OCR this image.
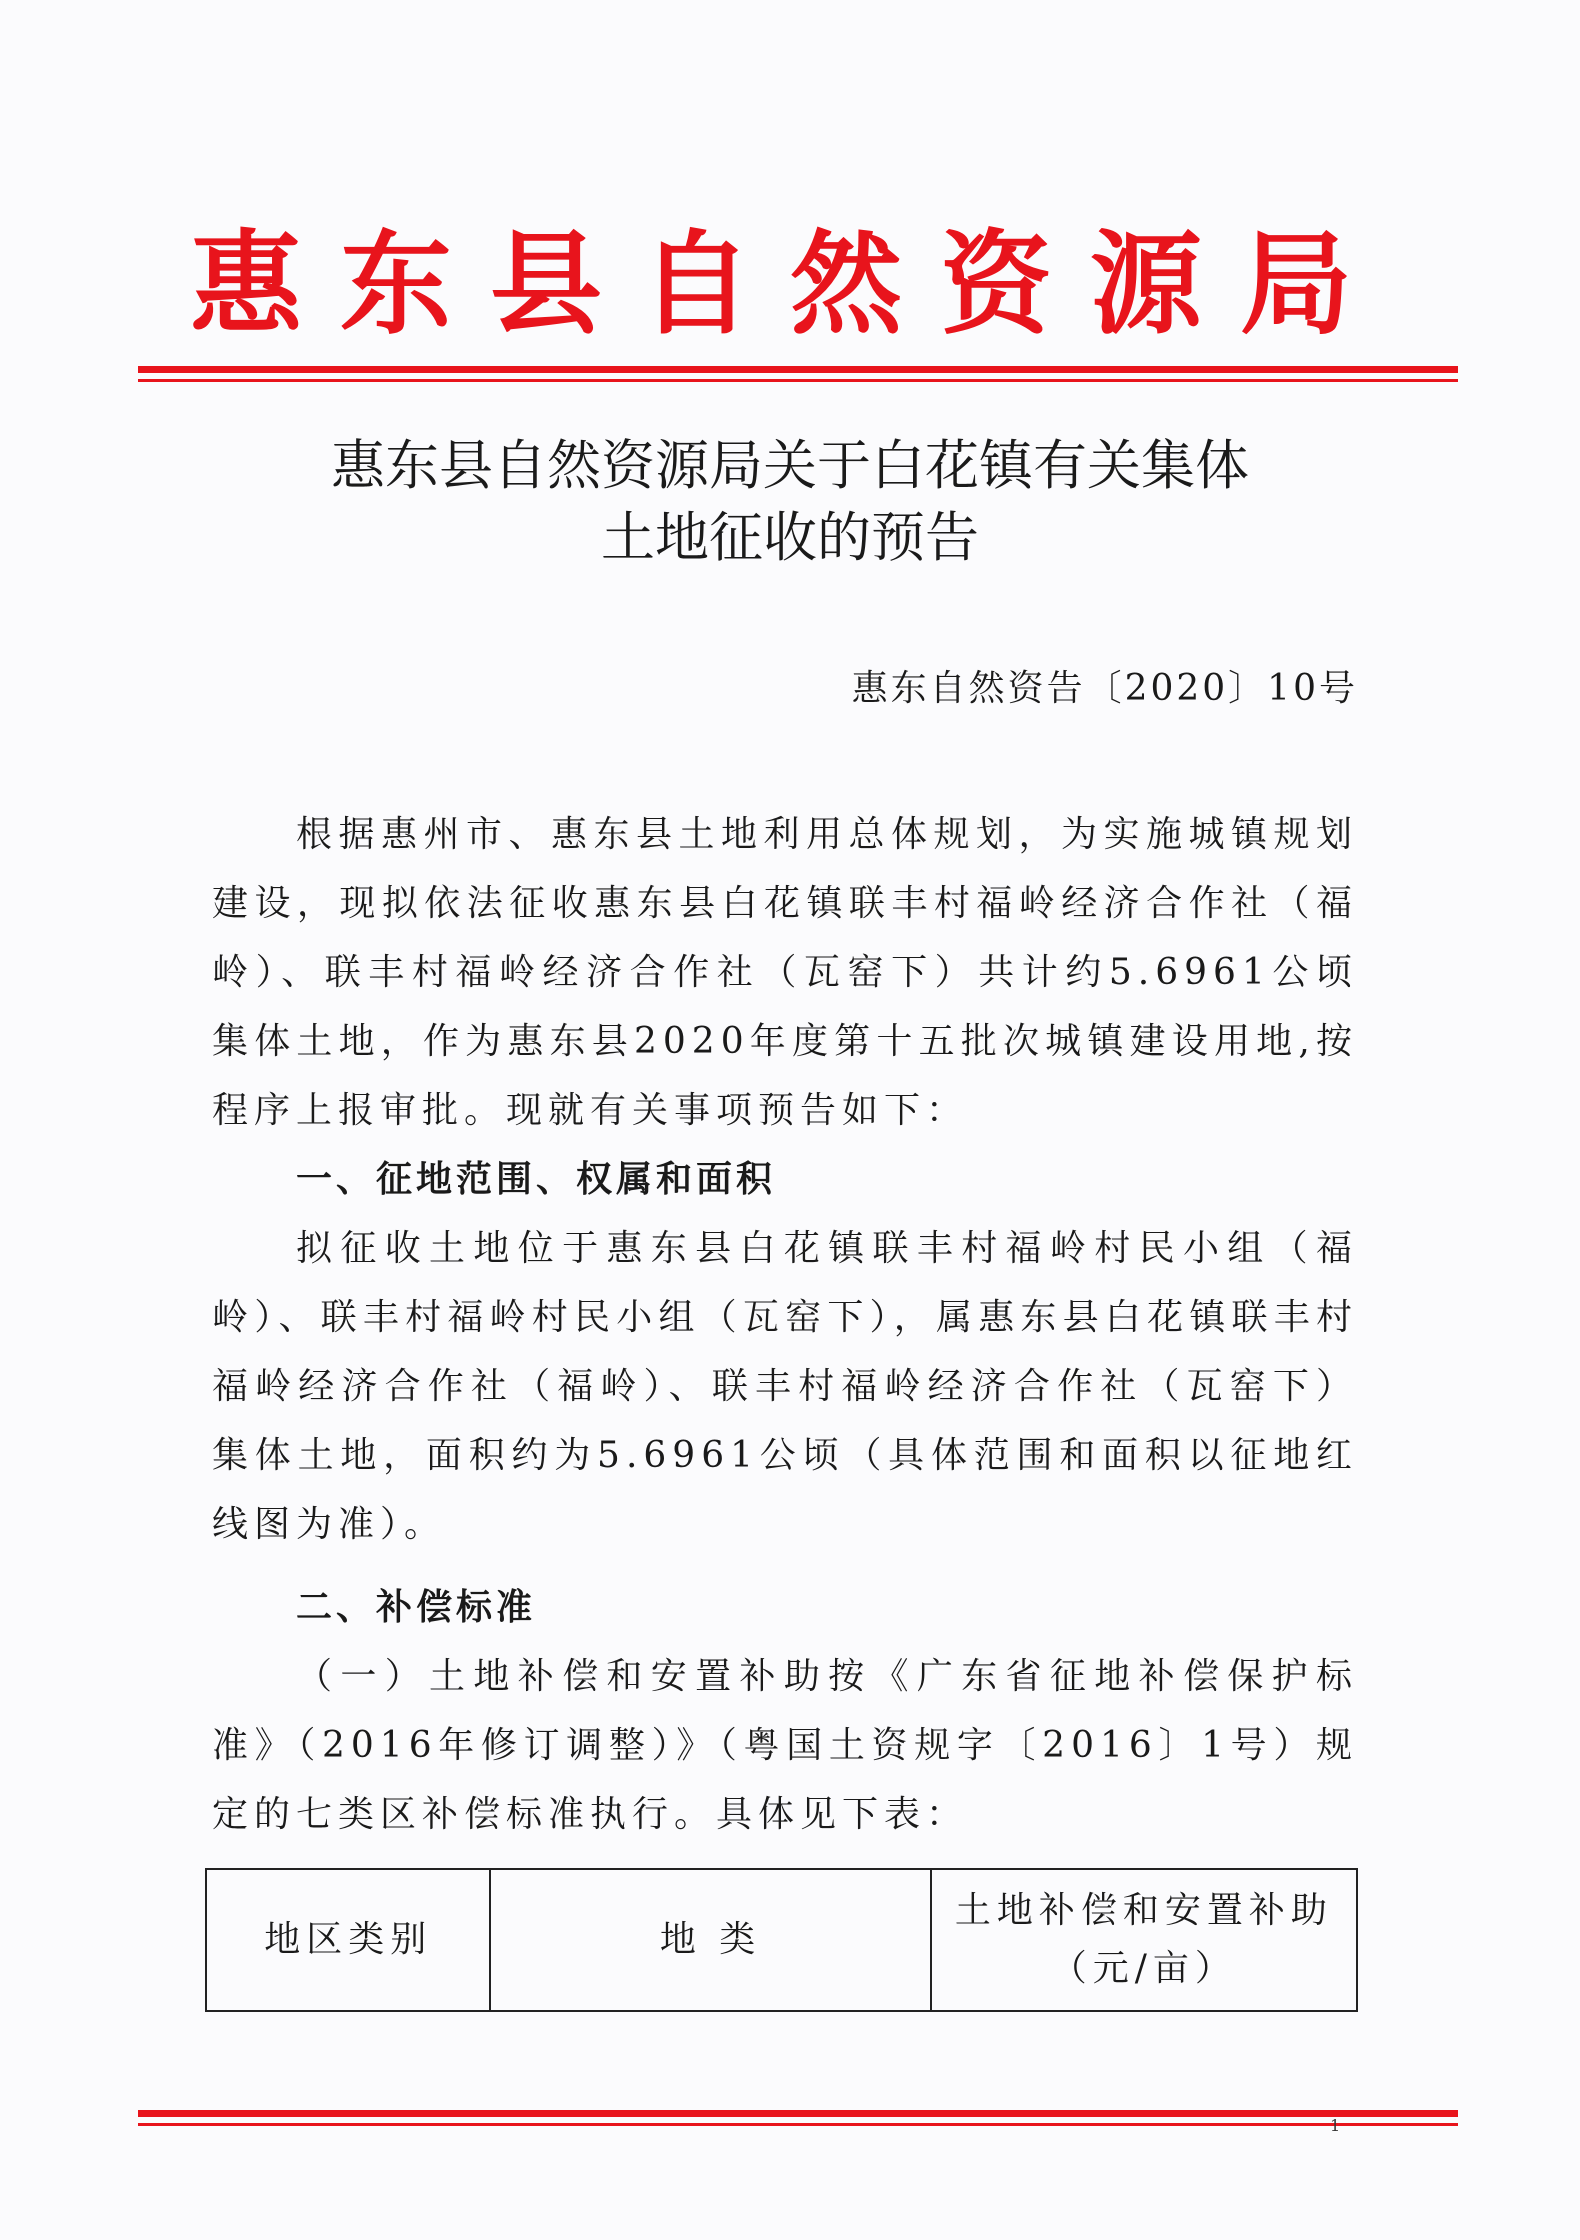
惠东县自然资源局
惠东县自然资源局关于白花镇有关集体
土地征收的预告
惠东自然资告〔2020〕10号

根据惠州市、惠东县土地利用总体规划，为实施城镇规划建设，现拟依法征收惠东县白花镇联丰村福岭经济合作社（福岭）、联丰村福岭经济合作社（瓦窑下）共计约5.6961公顷集体土地，作为惠东县2020年度第十五批次城镇建设用地,按程序上报审批。现就有关事项预告如下：

一、征地范围、权属和面积

拟征收土地位于惠东县白花镇联丰村福岭村民小组（福岭）、联丰村福岭村民小组（瓦窑下），属惠东县白花镇联丰村福岭经济合作社（福岭）、联丰村福岭经济合作社（瓦窑下）集体土地，面积约为5.6961公顷（具体范围和面积以征地红线图为准）。

二、补偿标准

（一）土地补偿和安置补助按《广东省征地补偿保护标准》（2016年修订调整）》（粤国土资规字〔2016〕1号）规定的七类区补偿标准执行。具体见下表：

地区类别	地 类	土地补偿和安置补助（元/亩）
1
